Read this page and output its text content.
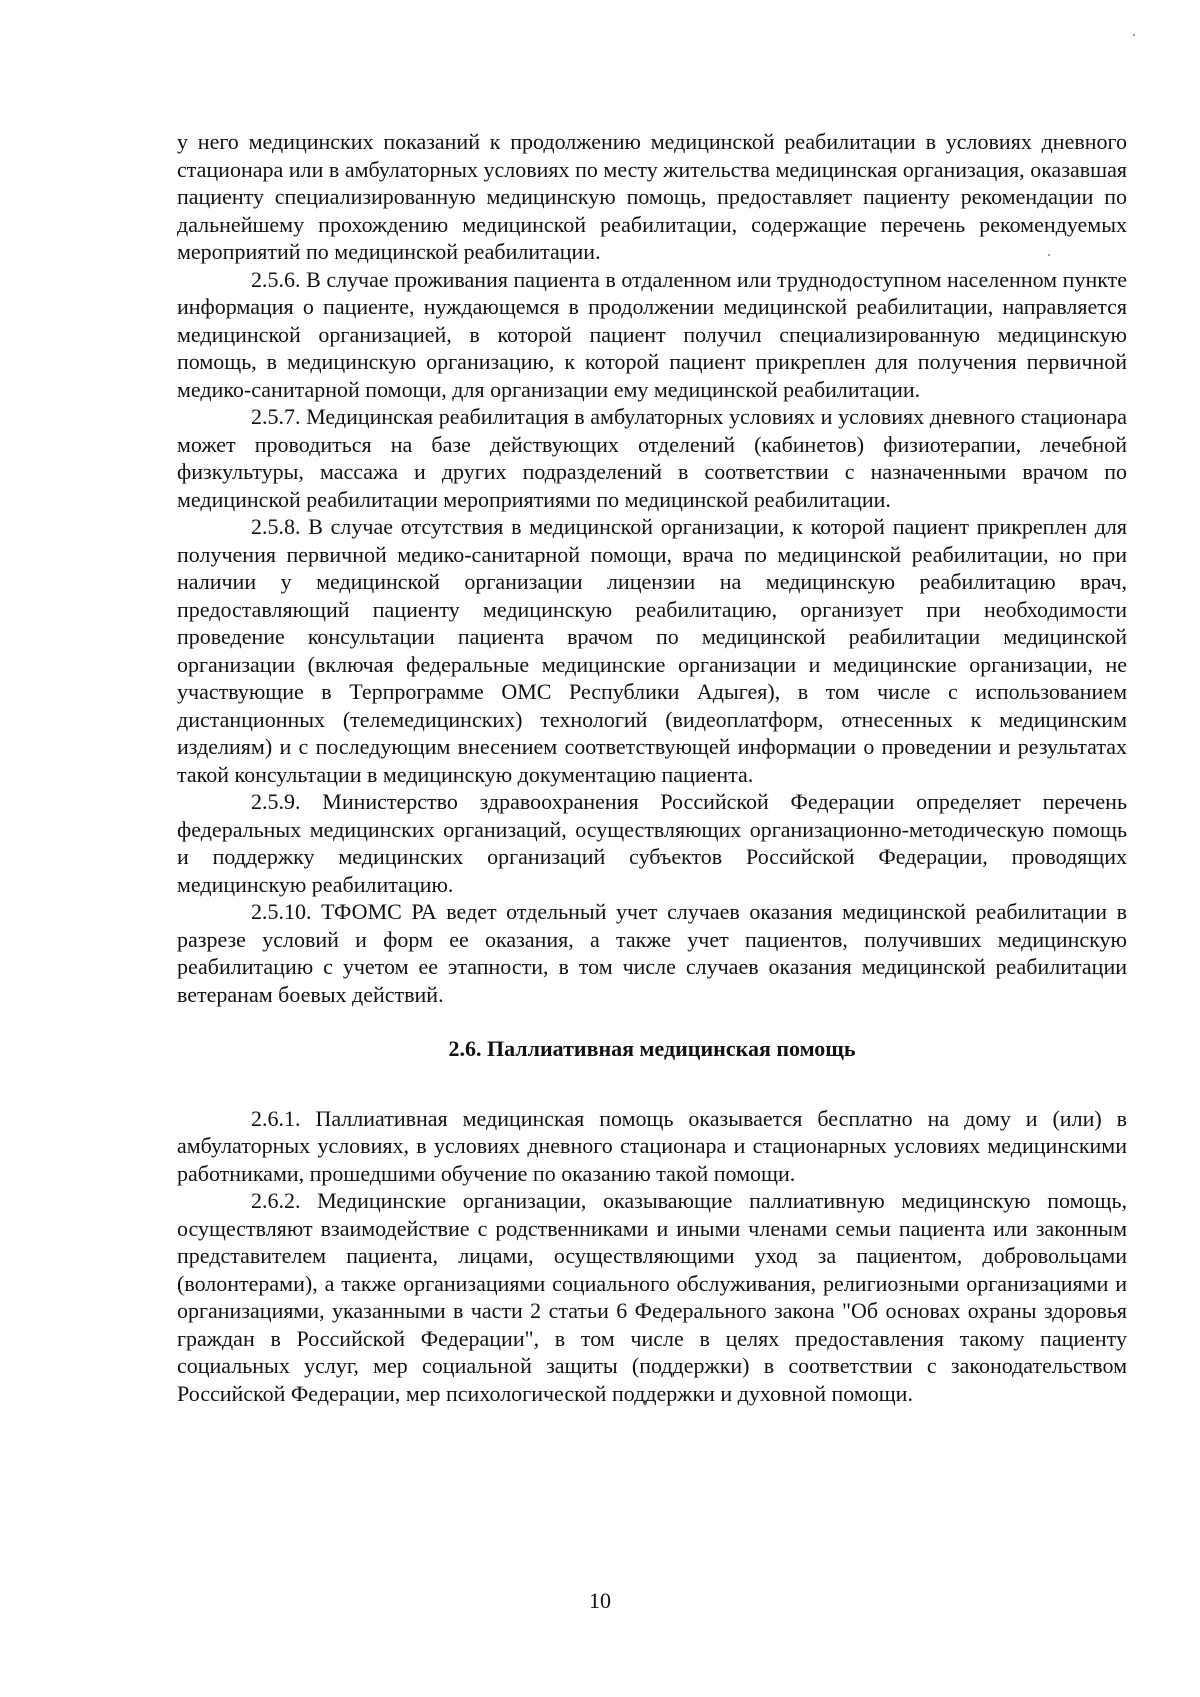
у него медицинских показаний к продолжению медицинской реабилитации в условиях дневного стационара или в амбулаторных условиях по месту жительства медицинская организация, оказавшая пациенту специализированную медицинскую помощь, предоставляет пациенту рекомендации по дальнейшему прохождению медицинской реабилитации, содержащие перечень рекомендуемых мероприятий по медицинской реабилитации.

2.5.6. В случае проживания пациента в отдаленном или труднодоступном населенном пункте информация о пациенте, нуждающемся в продолжении медицинской реабилитации, направляется медицинской организацией, в которой пациент получил специализированную медицинскую помощь, в медицинскую организацию, к которой пациент прикреплен для получения первичной медико-санитарной помощи, для организации ему медицинской реабилитации.

2.5.7. Медицинская реабилитация в амбулаторных условиях и условиях дневного стационара может проводиться на базе действующих отделений (кабинетов) физиотерапии, лечебной физкультуры, массажа и других подразделений в соответствии с назначенными врачом по медицинской реабилитации мероприятиями по медицинской реабилитации.

2.5.8. В случае отсутствия в медицинской организации, к которой пациент прикреплен для получения первичной медико-санитарной помощи, врача по медицинской реабилитации, но при наличии у медицинской организации лицензии на медицинскую реабилитацию врач, предоставляющий пациенту медицинскую реабилитацию, организует при необходимости проведение консультации пациента врачом по медицинской реабилитации медицинской организации (включая федеральные медицинские организации и медицинские организации, не участвующие в Терпрограмме ОМС Республики Адыгея), в том числе с использованием дистанционных (телемедицинских) технологий (видеоплатформ, отнесенных к медицинским изделиям) и с последующим внесением соответствующей информации о проведении и результатах такой консультации в медицинскую документацию пациента.

2.5.9. Министерство здравоохранения Российской Федерации определяет перечень федеральных медицинских организаций, осуществляющих организационно-методическую помощь и поддержку медицинских организаций субъектов Российской Федерации, проводящих медицинскую реабилитацию.

2.5.10. ТФОМС РА ведет отдельный учет случаев оказания медицинской реабилитации в разрезе условий и форм ее оказания, а также учет пациентов, получивших медицинскую реабилитацию с учетом ее этапности, в том числе случаев оказания медицинской реабилитации ветеранам боевых действий.

2.6. Паллиативная медицинская помощь

2.6.1. Паллиативная медицинская помощь оказывается бесплатно на дому и (или) в амбулаторных условиях, в условиях дневного стационара и стационарных условиях медицинскими работниками, прошедшими обучение по оказанию такой помощи.

2.6.2. Медицинские организации, оказывающие паллиативную медицинскую помощь, осуществляют взаимодействие с родственниками и иными членами семьи пациента или законным представителем пациента, лицами, осуществляющими уход за пациентом, добровольцами (волонтерами), а также организациями социального обслуживания, религиозными организациями и организациями, указанными в части 2 статьи 6 Федерального закона "Об основах охраны здоровья граждан в Российской Федерации", в том числе в целях предоставления такому пациенту социальных услуг, мер социальной защиты (поддержки) в соответствии с законодательством Российской Федерации, мер психологической поддержки и духовной помощи.

10
